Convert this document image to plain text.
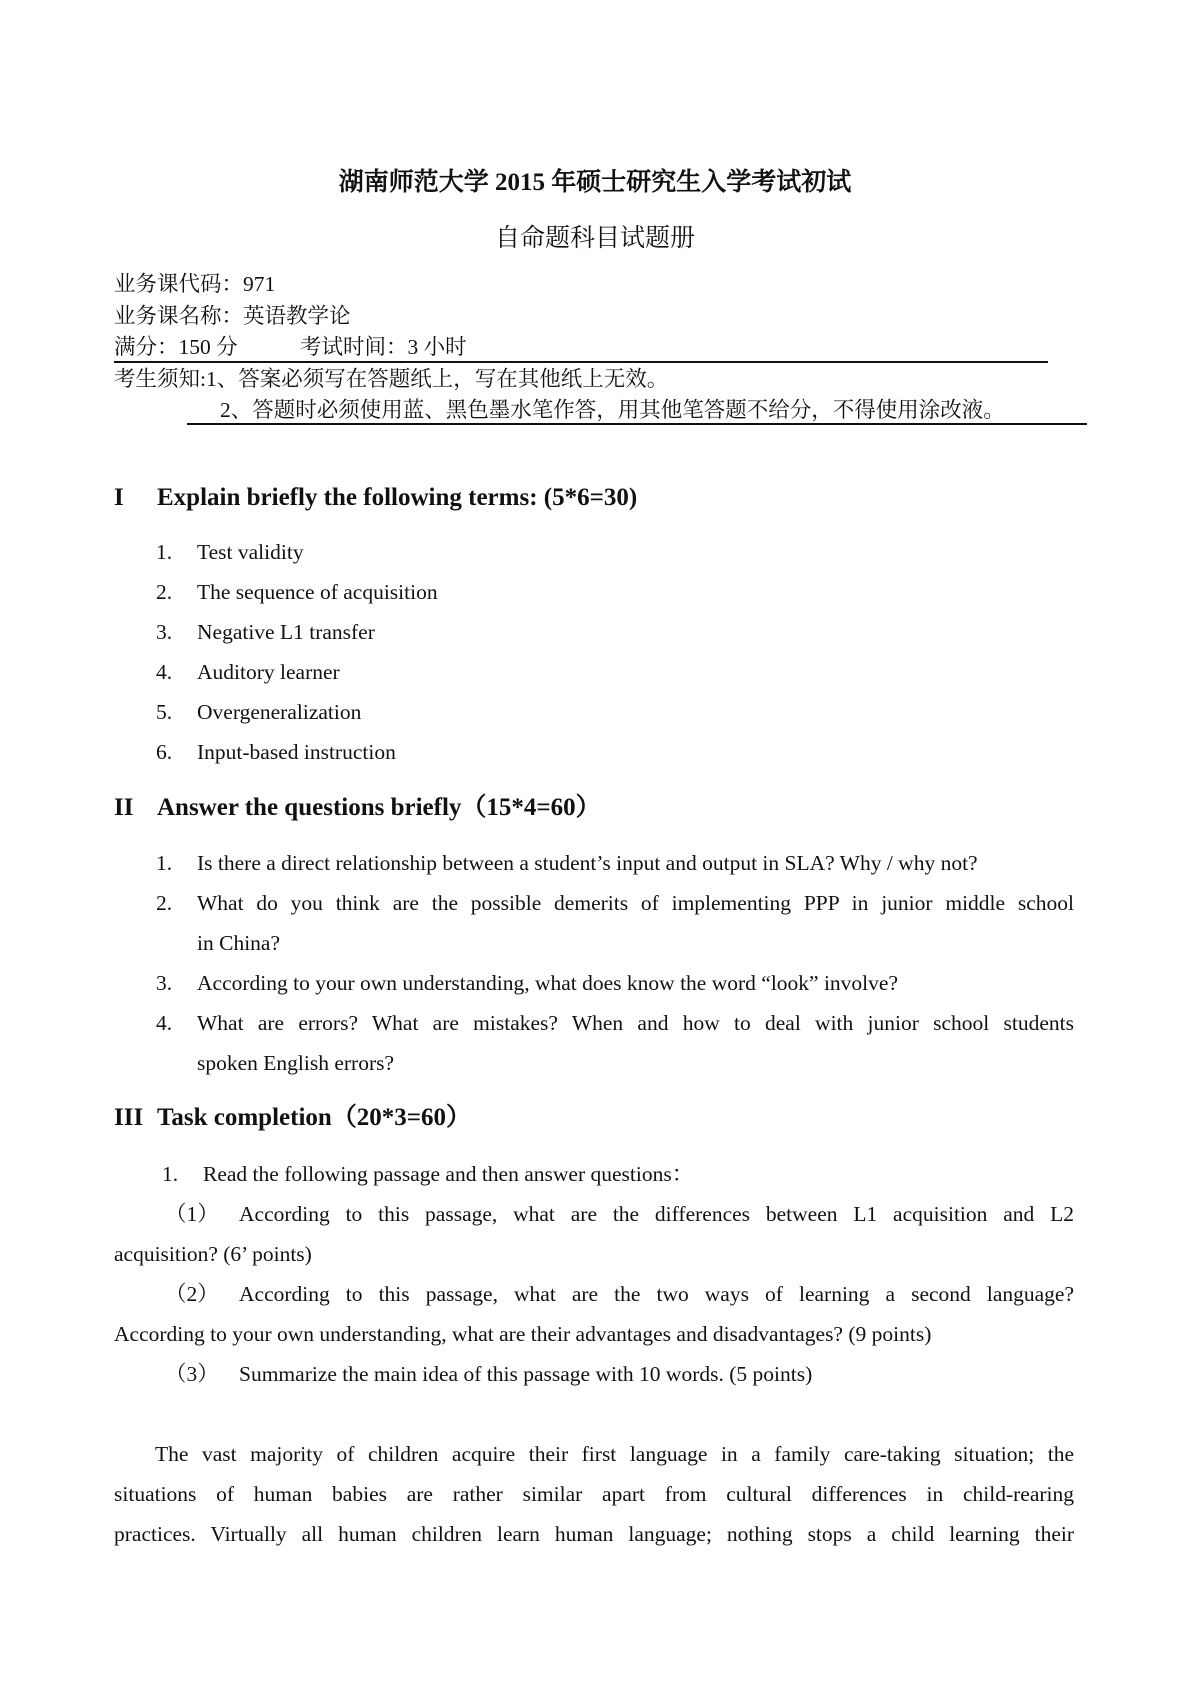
湖南师范大学 2015 年硕士研究生入学考试初试
自命题科目试题册
业务课代码：971
业务课名称：英语教学论
满分：150 分	考试时间：3 小时
考生须知:1、答案必须写在答题纸上，写在其他纸上无效。
2、答题时必须使用蓝、黑色墨水笔作答，用其他笔答题不给分，不得使用涂改液。
I Explain briefly the following terms: (5*6=30)
1. Test validity
2. The sequence of acquisition
3. Negative L1 transfer
4. Auditory learner
5. Overgeneralization
6. Input-based instruction
II Answer the questions briefly（15*4=60）
1. Is there a direct relationship between a student’s input and output in SLA? Why / why not?
2. What do you think are the possible demerits of implementing PPP in junior middle school
in China?
3. According to your own understanding, what does know the word “look” involve?
4. What are errors? What are mistakes? When and how to deal with junior school students
spoken English errors?
III Task completion（20*3=60）
1. Read the following passage and then answer questions：
（1） According to this passage, what are the differences between L1 acquisition and L2
acquisition? (6’ points)
（2） According to this passage, what are the two ways of learning a second language?
According to your own understanding, what are their advantages and disadvantages? (9 points)
（3） Summarize the main idea of this passage with 10 words. (5 points)
The vast majority of children acquire their first language in a family care-taking situation; the
situations of human babies are rather similar apart from cultural differences in child-rearing
practices. Virtually all human children learn human language; nothing stops a child learning their
